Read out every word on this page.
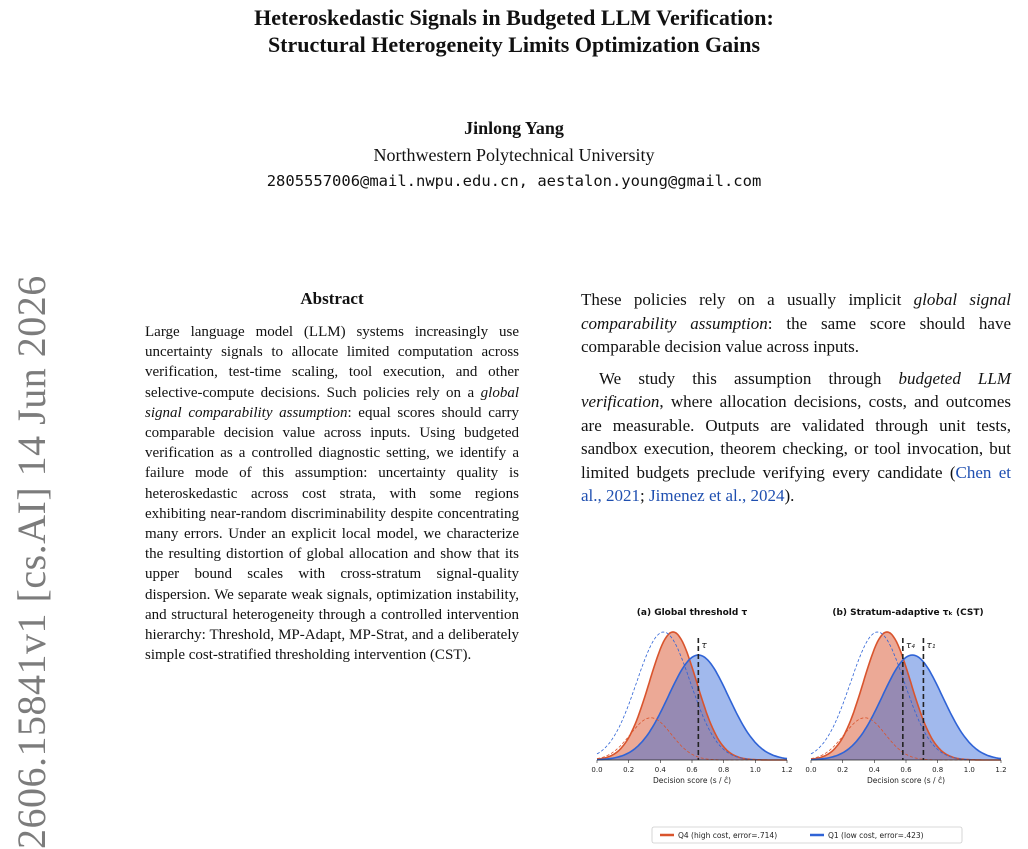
Heteroskedastic Signals in Budgeted LLM Verification:
Structural Heterogeneity Limits Optimization Gains
Jinlong Yang
Northwestern Polytechnical University
2805557006@mail.nwpu.edu.cn, aestalon.young@gmail.com
2606.15841v1 [cs.AI] 14 Jun 2026	Abstract

Large language model (LLM) systems increasingly use uncertainty signals to allocate limited computation across verification, test-time scaling, tool execution, and other selective-compute decisions. Such policies rely on a global signal comparability assumption: equal scores should carry comparable decision value across inputs. Using budgeted verification as a controlled diagnostic setting, we identify a failure mode of this assumption: uncertainty quality is heteroskedastic across cost strata, with some regions exhibiting near-random discriminability despite concentrating many errors. Under an explicit local model, we characterize the resulting distortion of global allocation and show that its upper bound scales with cross-stratum signal-quality dispersion. We separate weak signals, optimization instability, and structural heterogeneity through a controlled intervention hierarchy: Threshold, MP-Adapt, MP-Strat, and a deliberately simple cost-stratified thresholding intervention (CST).

These policies rely on a usually implicit global signal comparability assumption: the same score should have comparable decision value across inputs.

We study this assumption through budgeted LLM verification, where allocation decisions, costs, and outcomes are measurable. Outputs are validated through unit tests, sandbox execution, theorem checking, or tool invocation, but limited budgets preclude verifying every candidate (Chen et al., 2021; Jimenez et al., 2024).

(a) Global threshold τ	(b) Stratum-adaptive τₖ (CST)
0.0	0.2	0.4	0.6	0.8	1.0	1.2
Decision score (s / ĉ)
τ
0.0	0.2	0.4	0.6	0.8	1.0	1.2
Decision score (s / ĉ)
τ₄ τ₁
Q4 (high cost, error=.714)	Q1 (low cost, error=.423)
